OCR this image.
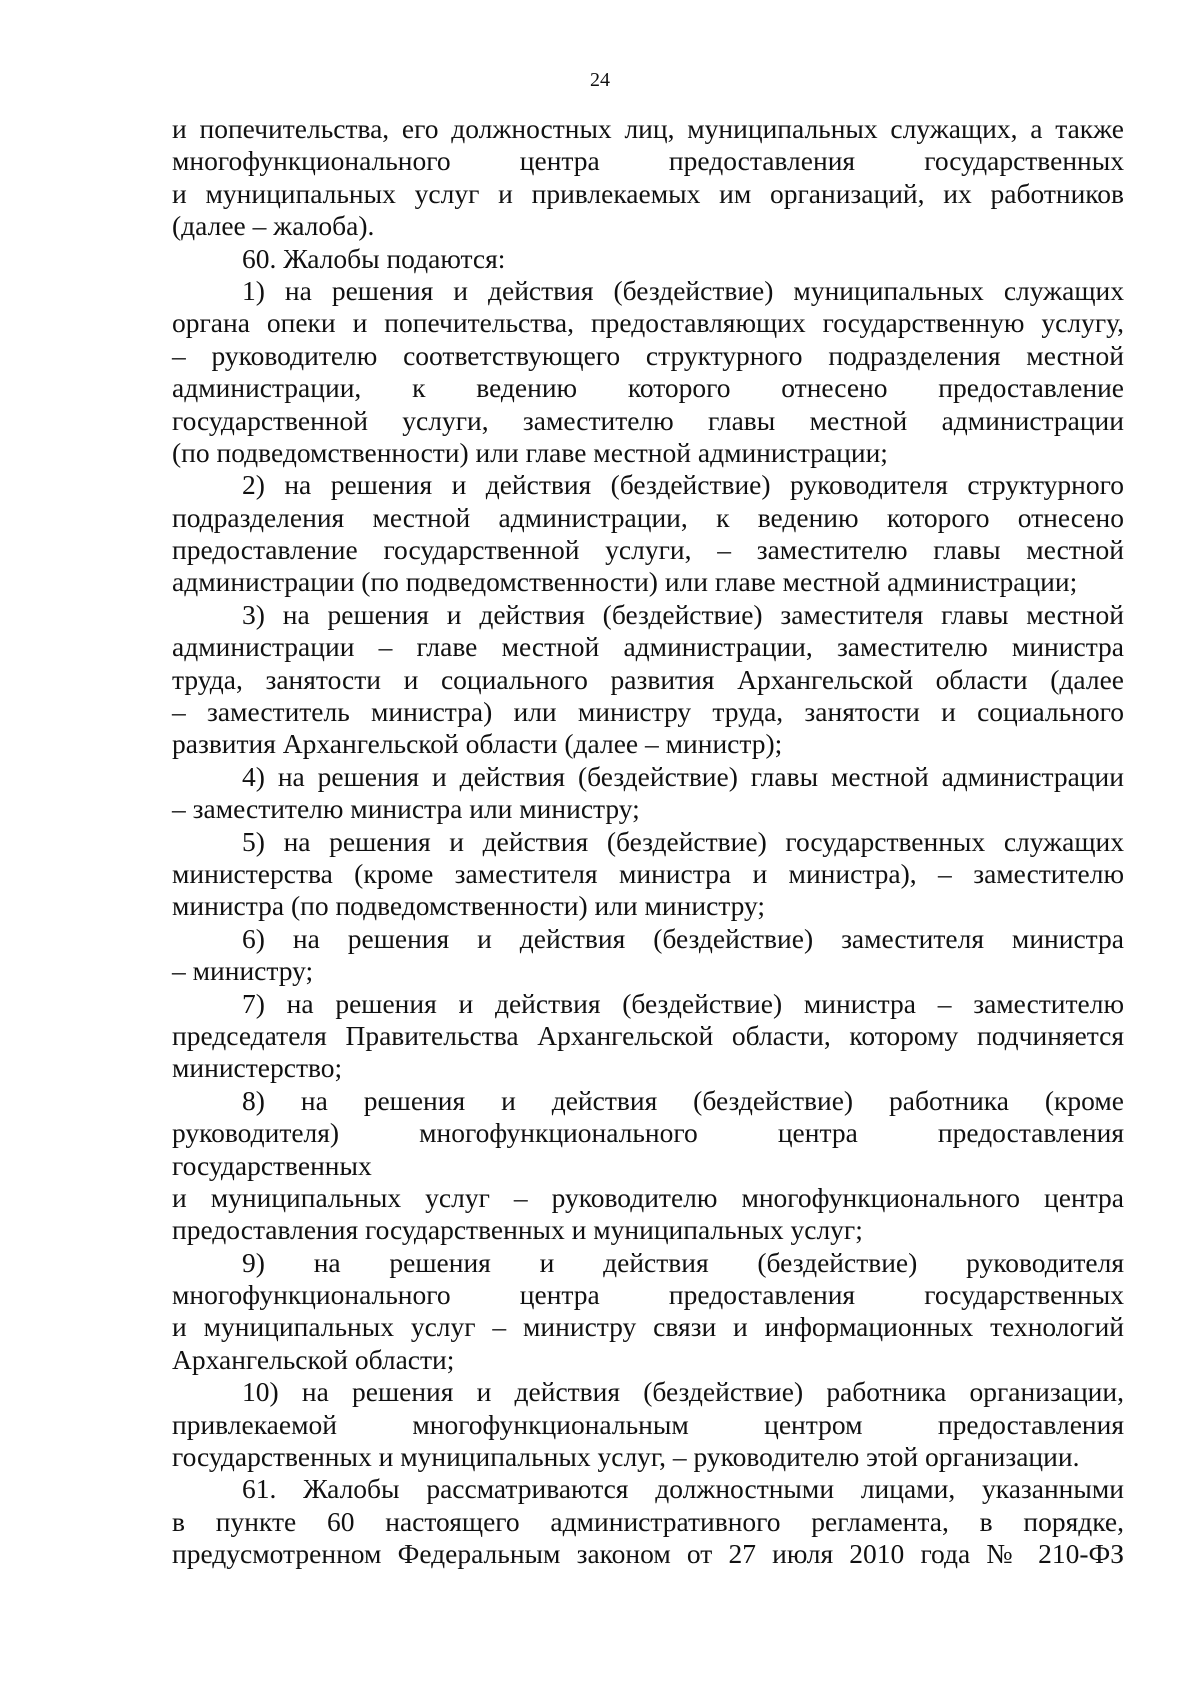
24
и попечительства, его должностных лиц, муниципальных служащих, а также
многофункционального центра предоставления государственных
и муниципальных услуг и привлекаемых им организаций, их работников
(далее – жалоба).
60. Жалобы подаются:
1) на решения и действия (бездействие) муниципальных служащих
органа опеки и попечительства, предоставляющих государственную услугу,
– руководителю соответствующего структурного подразделения местной
администрации, к ведению которого отнесено предоставление
государственной услуги, заместителю главы местной администрации
(по подведомственности) или главе местной администрации;
2) на решения и действия (бездействие) руководителя структурного
подразделения местной администрации, к ведению которого отнесено
предоставление государственной услуги, – заместителю главы местной
администрации (по подведомственности) или главе местной администрации;
3) на решения и действия (бездействие) заместителя главы местной
администрации – главе местной администрации, заместителю министра
труда, занятости и социального развития Архангельской области (далее
– заместитель министра) или министру труда, занятости и социального
развития Архангельской области (далее – министр);
4) на решения и действия (бездействие) главы местной администрации
– заместителю министра или министру;
5) на решения и действия (бездействие) государственных служащих
министерства (кроме заместителя министра и министра), – заместителю
министра (по подведомственности) или министру;
6) на решения и действия (бездействие) заместителя министра
– министру;
7) на решения и действия (бездействие) министра – заместителю
председателя Правительства Архангельской области, которому подчиняется
министерство;
8) на решения и действия (бездействие) работника (кроме
руководителя) многофункционального центра предоставления
государственных
и муниципальных услуг – руководителю многофункционального центра
предоставления государственных и муниципальных услуг;
9) на решения и действия (бездействие) руководителя
многофункционального центра предоставления государственных
и муниципальных услуг – министру связи и информационных технологий
Архангельской области;
10) на решения и действия (бездействие) работника организации,
привлекаемой многофункциональным центром предоставления
государственных и муниципальных услуг, – руководителю этой организации.
61. Жалобы рассматриваются должностными лицами, указанными
в пункте 60 настоящего административного регламента, в порядке,
предусмотренном Федеральным законом от 27 июля 2010 года № 210-ФЗ
